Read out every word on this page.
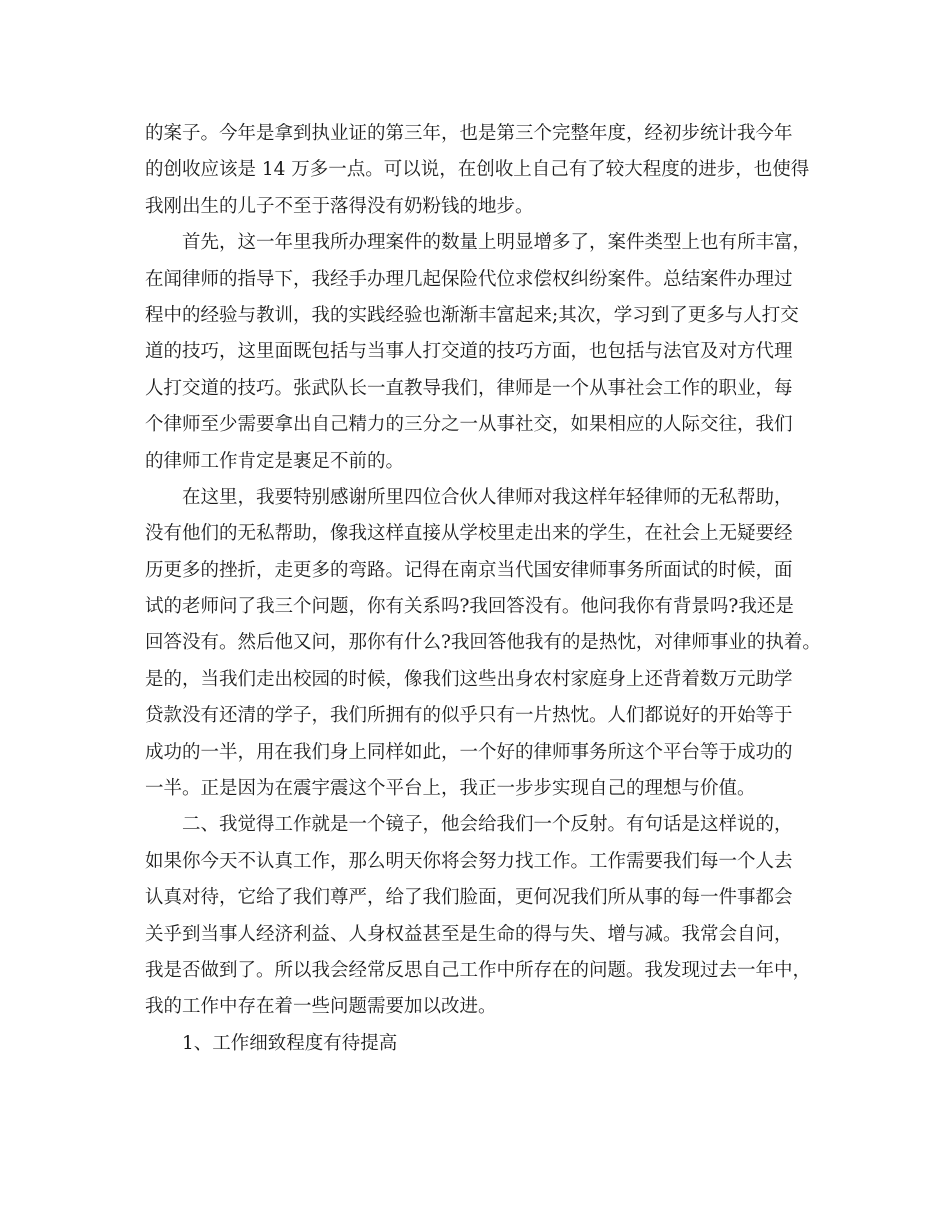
的案子。今年是拿到执业证的第三年，也是第三个完整年度，经初步统计我今年
的创收应该是 14 万多一点。可以说，在创收上自己有了较大程度的进步，也使得
我刚出生的儿子不至于落得没有奶粉钱的地步。
首先，这一年里我所办理案件的数量上明显增多了，案件类型上也有所丰富，
在闻律师的指导下，我经手办理几起保险代位求偿权纠纷案件。总结案件办理过
程中的经验与教训，我的实践经验也渐渐丰富起来;其次，学习到了更多与人打交
道的技巧，这里面既包括与当事人打交道的技巧方面，也包括与法官及对方代理
人打交道的技巧。张武队长一直教导我们，律师是一个从事社会工作的职业，每
个律师至少需要拿出自己精力的三分之一从事社交，如果相应的人际交往，我们
的律师工作肯定是裹足不前的。
在这里，我要特别感谢所里四位合伙人律师对我这样年轻律师的无私帮助，
没有他们的无私帮助，像我这样直接从学校里走出来的学生，在社会上无疑要经
历更多的挫折，走更多的弯路。记得在南京当代国安律师事务所面试的时候，面
试的老师问了我三个问题，你有关系吗?我回答没有。他问我你有背景吗?我还是
回答没有。然后他又问，那你有什么?我回答他我有的是热忱，对律师事业的执着。
是的，当我们走出校园的时候，像我们这些出身农村家庭身上还背着数万元助学
贷款没有还清的学子，我们所拥有的似乎只有一片热忱。人们都说好的开始等于
成功的一半，用在我们身上同样如此，一个好的律师事务所这个平台等于成功的
一半。正是因为在震宇震这个平台上，我正一步步实现自己的理想与价值。
二、我觉得工作就是一个镜子，他会给我们一个反射。有句话是这样说的，
如果你今天不认真工作，那么明天你将会努力找工作。工作需要我们每一个人去
认真对待，它给了我们尊严，给了我们脸面，更何况我们所从事的每一件事都会
关乎到当事人经济利益、人身权益甚至是生命的得与失、增与减。我常会自问，
我是否做到了。所以我会经常反思自己工作中所存在的问题。我发现过去一年中，
我的工作中存在着一些问题需要加以改进。
1、工作细致程度有待提高
